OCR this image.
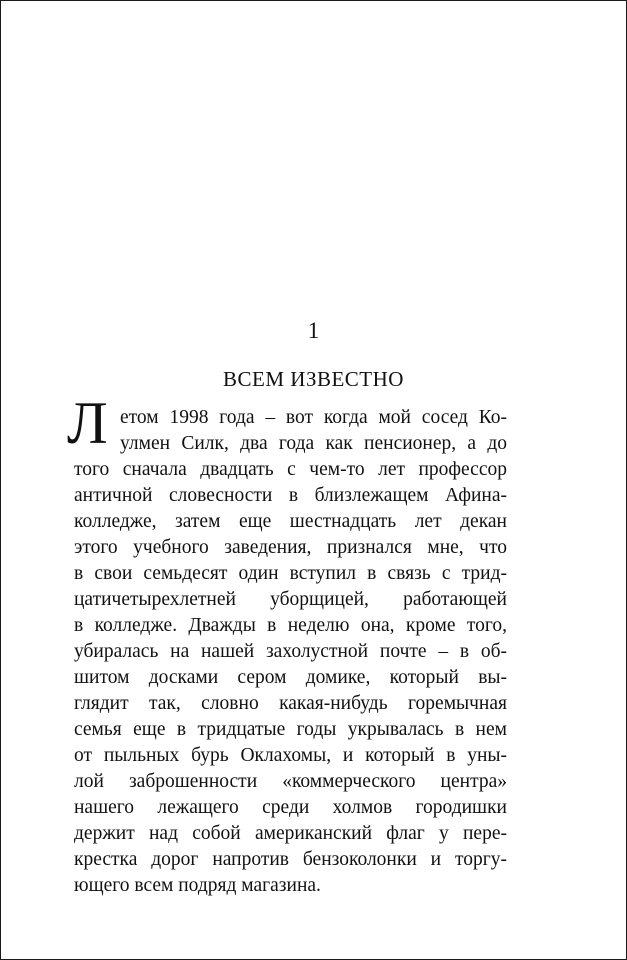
1
ВСЕМ ИЗВЕСТНО
Л етом 1998 года – вот когда мой сосед Ко-
улмен Силк, два года как пенсионер, а до
того сначала двадцать с чем-то лет профессор
античной словесности в близлежащем Афина-
колледже, затем еще шестнадцать лет декан
этого учебного заведения, признался мне, что
в свои семьдесят один вступил в связь с трид-
цатичетырехлетней уборщицей, работающей
в колледже. Дважды в неделю она, кроме того,
убиралась на нашей захолустной почте – в об-
шитом досками сером домике, который вы-
глядит так, словно какая-нибудь горемычная
семья еще в тридцатые годы укрывалась в нем
от пыльных бурь Оклахомы, и который в уны-
лой заброшенности «коммерческого центра»
нашего лежащего среди холмов городишки
держит над собой американский флаг у пере-
крестка дорог напротив бензоколонки и торгу-
ющего всем подряд магазина.
